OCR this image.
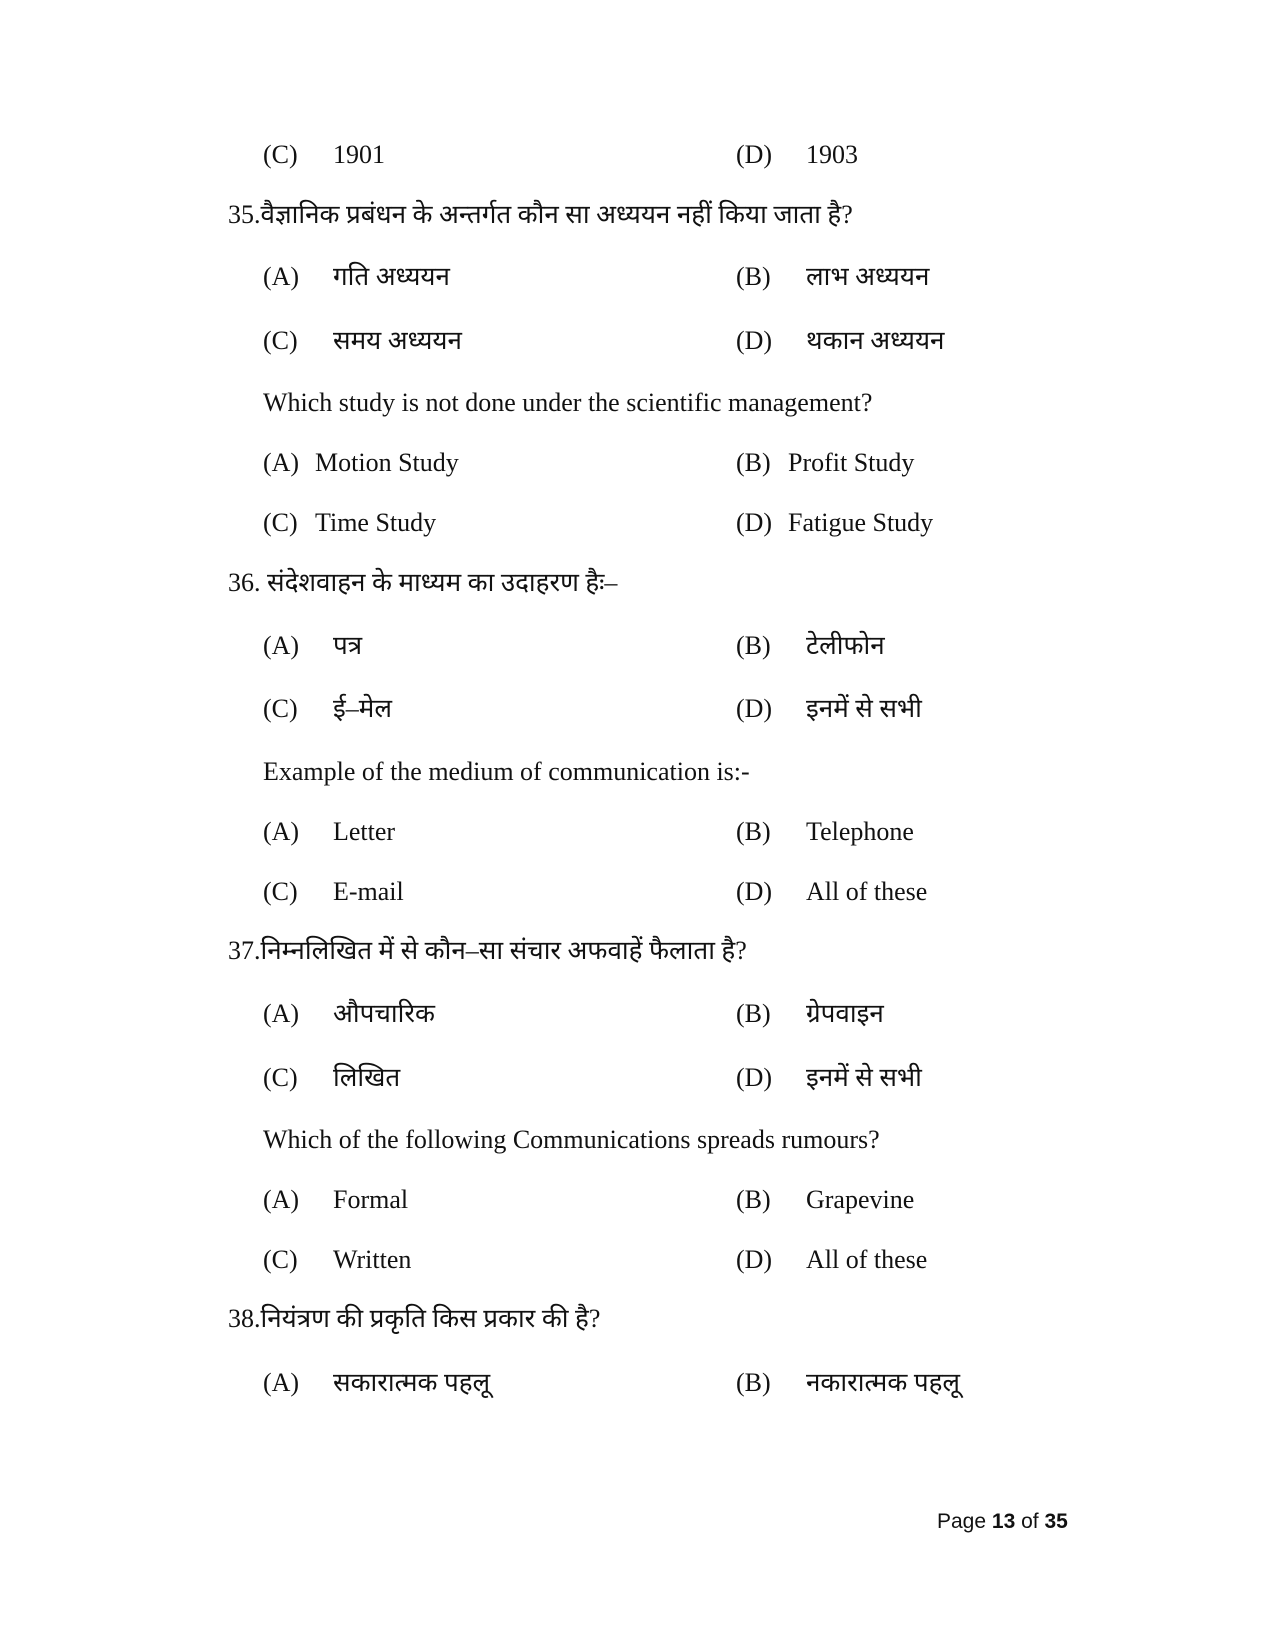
(C) 1901	(D) 1903
35.वैज्ञानिक प्रबंधन के अन्तर्गत कौन सा अध्ययन नहीं किया जाता है?
(A) गति अध्ययन	(B) लाभ अध्ययन
(C) समय अध्ययन	(D) थकान अध्ययन
Which study is not done under the scientific management?
(A) Motion Study	(B) Profit Study
(C) Time Study	(D) Fatigue Study
36. संदेशवाहन के माध्यम का उदाहरण हैः–
(A) पत्र	(B) टेलीफोन
(C) ई–मेल	(D) इनमें से सभी
Example of the medium of communication is:-
(A) Letter	(B) Telephone
(C) E-mail	(D) All of these
37.निम्नलिखित में से कौन–सा संचार अफवाहें फैलाता है?
(A) औपचारिक	(B) ग्रेपवाइन
(C) लिखित	(D) इनमें से सभी
Which of the following Communications spreads rumours?
(A) Formal	(B) Grapevine
(C) Written	(D) All of these
38.नियंत्रण की प्रकृति किस प्रकार की है?
(A) सकारात्मक पहलू	(B) नकारात्मक पहलू
Page 13 of 35
